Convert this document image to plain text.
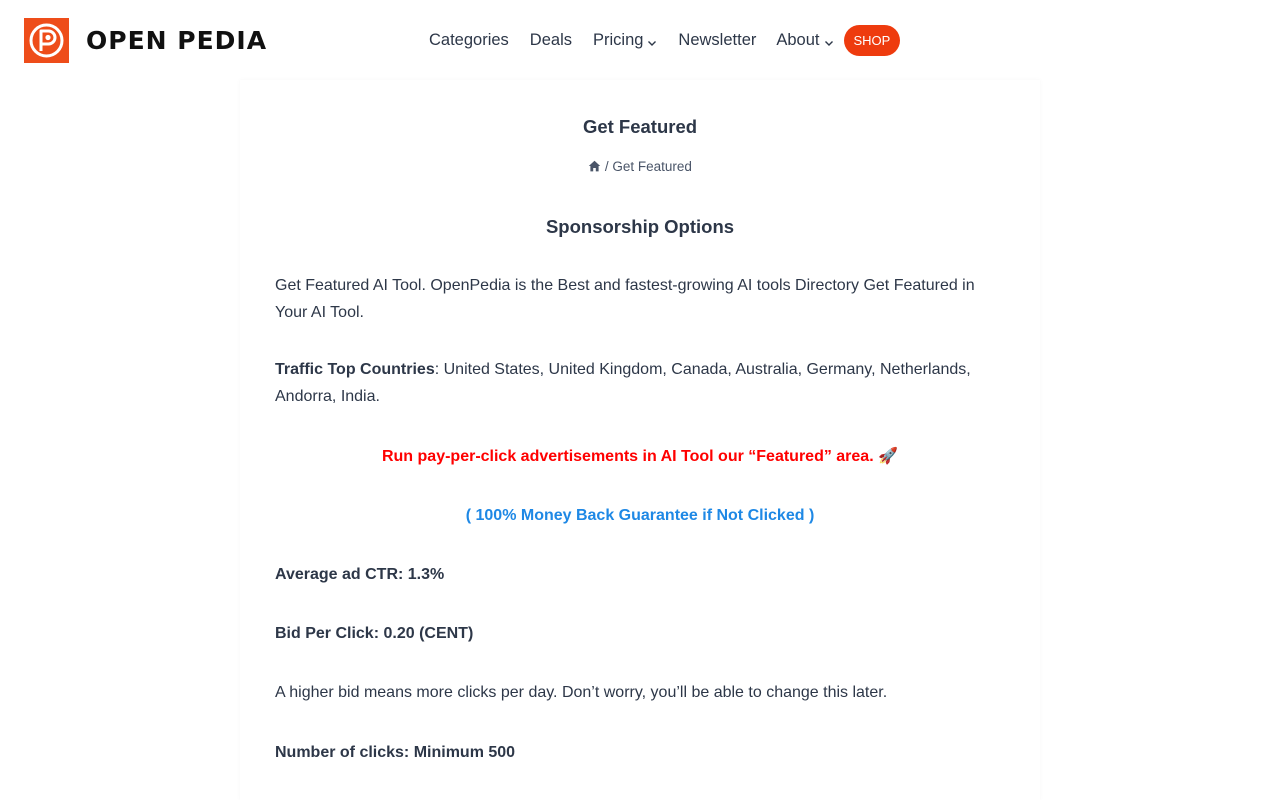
OPEN PEDIA	Categories Deals Pricing Newsletter About	SHOP
Get Featured
/ Get Featured
Sponsorship Options

Get Featured AI Tool. OpenPedia is the Best and fastest-growing AI tools Directory Get Featured in Your AI Tool.

Traffic Top Countries: United States, United Kingdom, Canada, Australia, Germany, Netherlands, Andorra, India.

Run pay-per-click advertisements in AI Tool our “Featured” area. 🚀

( 100% Money Back Guarantee if Not Clicked )

Average ad CTR: 1.3%

Bid Per Click: 0.20 (CENT)

A higher bid means more clicks per day. Don’t worry, you’ll be able to change this later.

Number of clicks: Minimum 500
